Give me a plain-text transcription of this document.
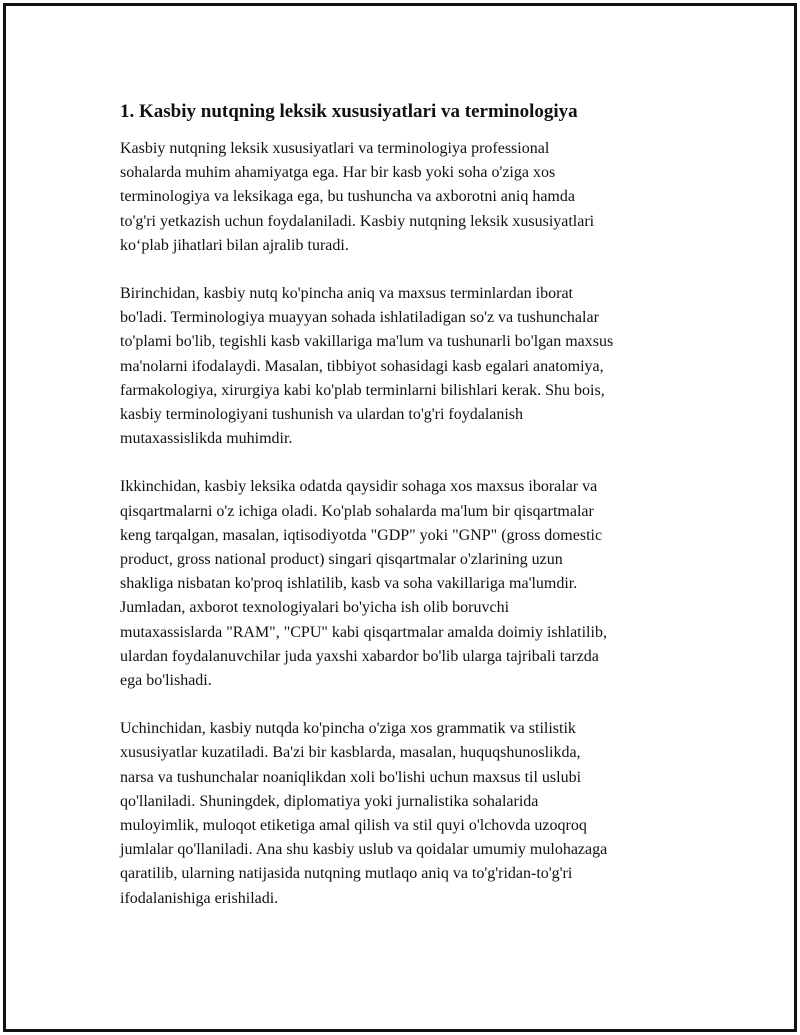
1. Kasbiy nutqning leksik xususiyatlari va terminologiya

Kasbiy nutqning leksik xususiyatlari va terminologiya professional
sohalarda muhim ahamiyatga ega. Har bir kasb yoki soha o'ziga xos
terminologiya va leksikaga ega, bu tushuncha va axborotni aniq hamda
to'g'ri yetkazish uchun foydalaniladi. Kasbiy nutqning leksik xususiyatlari
ko‘plab jihatlari bilan ajralib turadi.

Birinchidan, kasbiy nutq ko'pincha aniq va maxsus terminlardan iborat
bo'ladi. Terminologiya muayyan sohada ishlatiladigan so'z va tushunchalar
to'plami bo'lib, tegishli kasb vakillariga ma'lum va tushunarli bo'lgan maxsus
ma'nolarni ifodalaydi. Masalan, tibbiyot sohasidagi kasb egalari anatomiya,
farmakologiya, xirurgiya kabi ko'plab terminlarni bilishlari kerak. Shu bois,
kasbiy terminologiyani tushunish va ulardan to'g'ri foydalanish
mutaxassislikda muhimdir.

Ikkinchidan, kasbiy leksika odatda qaysidir sohaga xos maxsus iboralar va
qisqartmalarni o'z ichiga oladi. Ko'plab sohalarda ma'lum bir qisqartmalar
keng tarqalgan, masalan, iqtisodiyotda "GDP" yoki "GNP" (gross domestic
product, gross national product) singari qisqartmalar o'zlarining uzun
shakliga nisbatan ko'proq ishlatilib, kasb va soha vakillariga ma'lumdir.
Jumladan, axborot texnologiyalari bo'yicha ish olib boruvchi
mutaxassislarda "RAM", "CPU" kabi qisqartmalar amalda doimiy ishlatilib,
ulardan foydalanuvchilar juda yaxshi xabardor bo'lib ularga tajribali tarzda
ega bo'lishadi.

Uchinchidan, kasbiy nutqda ko'pincha o'ziga xos grammatik va stilistik
xususiyatlar kuzatiladi. Ba'zi bir kasblarda, masalan, huquqshunoslikda,
narsa va tushunchalar noaniqlikdan xoli bo'lishi uchun maxsus til uslubi
qo'llaniladi. Shuningdek, diplomatiya yoki jurnalistika sohalarida
muloyimlik, muloqot etiketiga amal qilish va stil quyi o'lchovda uzoqroq
jumlalar qo'llaniladi. Ana shu kasbiy uslub va qoidalar umumiy mulohazaga
qaratilib, ularning natijasida nutqning mutlaqo aniq va to'g'ridan-to'g'ri
ifodalanishiga erishiladi.
